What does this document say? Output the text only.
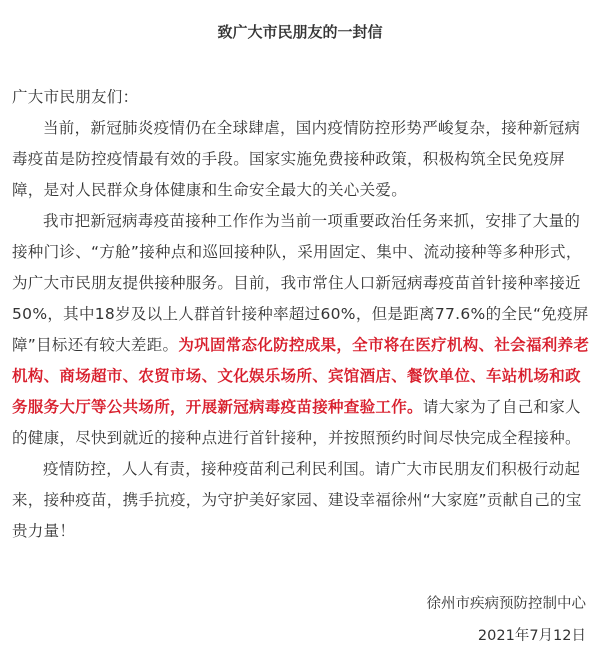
致广大市民朋友的一封信

广大市民朋友们：

当前，新冠肺炎疫情仍在全球肆虐，国内疫情防控形势严峻复杂，接种新冠病毒疫苗是防控疫情最有效的手段。国家实施免费接种政策，积极构筑全民免疫屏障，是对人民群众身体健康和生命安全最大的关心关爱。

我市把新冠病毒疫苗接种工作作为当前一项重要政治任务来抓，安排了大量的接种门诊、“方舱”接种点和巡回接种队，采用固定、集中、流动接种等多种形式，为广大市民朋友提供接种服务。目前，我市常住人口新冠病毒疫苗首针接种率接近50%，其中18岁及以上人群首针接种率超过60%，但是距离77.6%的全民“免疫屏障”目标还有较大差距。为巩固常态化防控成果，全市将在医疗机构、社会福利养老机构、商场超市、农贸市场、文化娱乐场所、宾馆酒店、餐饮单位、车站机场和政务服务大厅等公共场所，开展新冠病毒疫苗接种查验工作。请大家为了自己和家人的健康，尽快到就近的接种点进行首针接种，并按照预约时间尽快完成全程接种。

疫情防控，人人有责，接种疫苗利己利民利国。请广大市民朋友们积极行动起来，接种疫苗，携手抗疫，为守护美好家园、建设幸福徐州“大家庭”贡献自己的宝贵力量！

徐州市疾病预防控制中心
2021年7月12日
